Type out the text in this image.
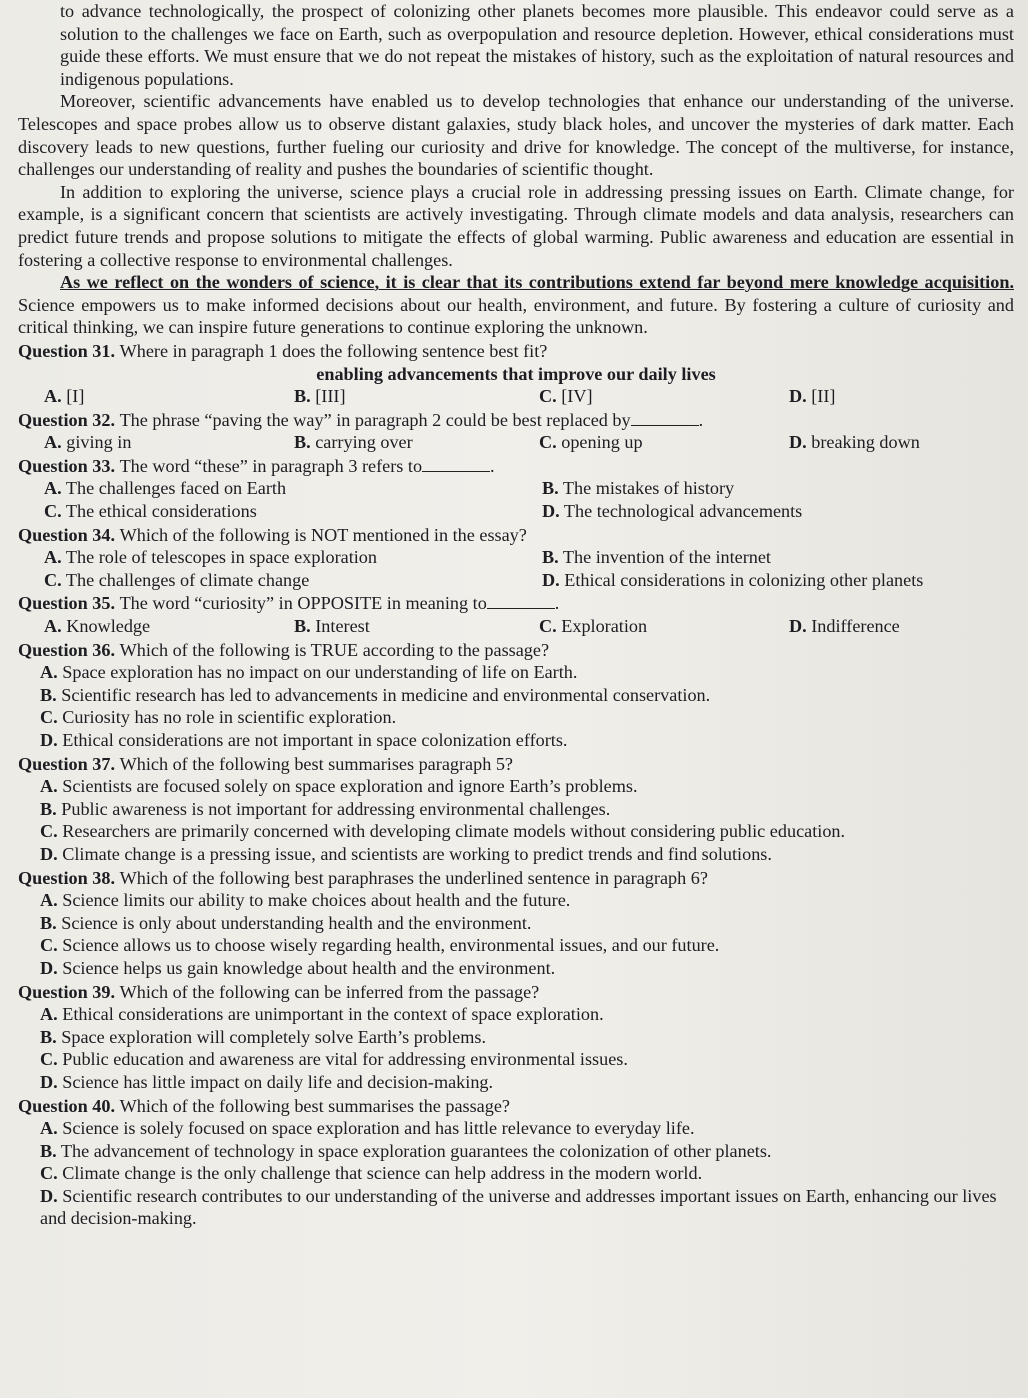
to advance technologically, the prospect of colonizing other planets becomes more plausible. This endeavor could serve as a solution to the challenges we face on Earth, such as overpopulation and resource depletion. However, ethical considerations must guide these efforts. We must ensure that we do not repeat the mistakes of history, such as the exploitation of natural resources and indigenous populations.

Moreover, scientific advancements have enabled us to develop technologies that enhance our understanding of the universe. Telescopes and space probes allow us to observe distant galaxies, study black holes, and uncover the mysteries of dark matter. Each discovery leads to new questions, further fueling our curiosity and drive for knowledge. The concept of the multiverse, for instance, challenges our understanding of reality and pushes the boundaries of scientific thought.

In addition to exploring the universe, science plays a crucial role in addressing pressing issues on Earth. Climate change, for example, is a significant concern that scientists are actively investigating. Through climate models and data analysis, researchers can predict future trends and propose solutions to mitigate the effects of global warming. Public awareness and education are essential in fostering a collective response to environmental challenges.

As we reflect on the wonders of science, it is clear that its contributions extend far beyond mere knowledge acquisition. Science empowers us to make informed decisions about our health, environment, and future. By fostering a culture of curiosity and critical thinking, we can inspire future generations to continue exploring the unknown.

Question 31. Where in paragraph 1 does the following sentence best fit?
enabling advancements that improve our daily lives
A. [I]	B. [III]	C. [IV]	D. [II]
Question 32. The phrase “paving the way” in paragraph 2 could be best replaced by	.
A. giving in	B. carrying over	C. opening up	D. breaking down
Question 33. The word “these” in paragraph 3 refers to	.
A. The challenges faced on Earth	B. The mistakes of history
C. The ethical considerations	D. The technological advancements
Question 34. Which of the following is NOT mentioned in the essay?
A. The role of telescopes in space exploration	B. The invention of the internet
C. The challenges of climate change	D. Ethical considerations in colonizing other planets
Question 35. The word “curiosity” in OPPOSITE in meaning to	.
A. Knowledge	B. Interest	C. Exploration	D. Indifference
Question 36. Which of the following is TRUE according to the passage?
A. Space exploration has no impact on our understanding of life on Earth.
B. Scientific research has led to advancements in medicine and environmental conservation.
C. Curiosity has no role in scientific exploration.
D. Ethical considerations are not important in space colonization efforts.
Question 37. Which of the following best summarises paragraph 5?
A. Scientists are focused solely on space exploration and ignore Earth’s problems.
B. Public awareness is not important for addressing environmental challenges.
C. Researchers are primarily concerned with developing climate models without considering public education.
D. Climate change is a pressing issue, and scientists are working to predict trends and find solutions.
Question 38. Which of the following best paraphrases the underlined sentence in paragraph 6?
A. Science limits our ability to make choices about health and the future.
B. Science is only about understanding health and the environment.
C. Science allows us to choose wisely regarding health, environmental issues, and our future.
D. Science helps us gain knowledge about health and the environment.
Question 39. Which of the following can be inferred from the passage?
A. Ethical considerations are unimportant in the context of space exploration.
B. Space exploration will completely solve Earth’s problems.
C. Public education and awareness are vital for addressing environmental issues.
D. Science has little impact on daily life and decision-making.
Question 40. Which of the following best summarises the passage?
A. Science is solely focused on space exploration and has little relevance to everyday life.
B. The advancement of technology in space exploration guarantees the colonization of other planets.
C. Climate change is the only challenge that science can help address in the modern world.
D. Scientific research contributes to our understanding of the universe and addresses important issues on Earth, enhancing our lives and decision-making.
